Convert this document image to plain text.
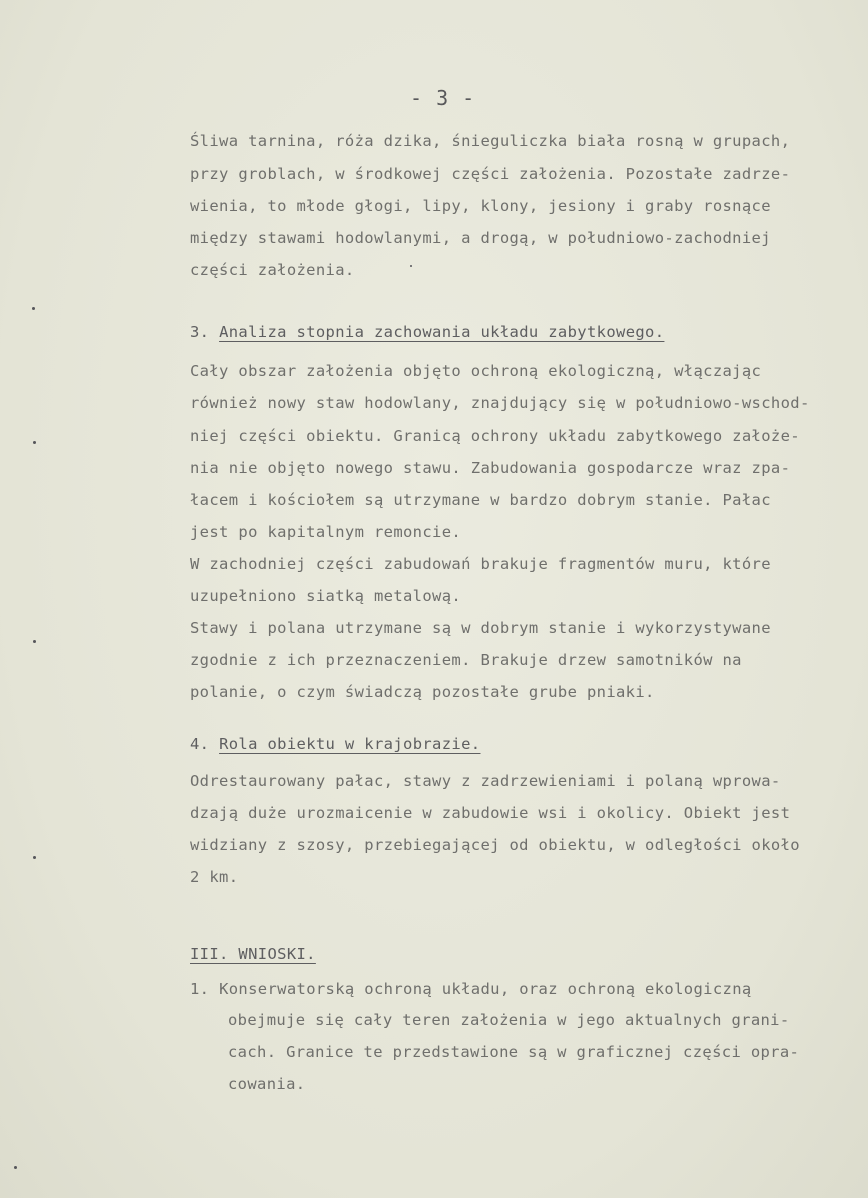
- 3 -
Śliwa tarnina, róża dzika, śnieguliczka biała rosną w grupach,
przy groblach, w środkowej części założenia. Pozostałe zadrze-
wienia, to młode głogi, lipy, klony, jesiony i graby rosnące
między stawami hodowlanymi, a drogą, w południowo-zachodniej
części założenia.
3. Analiza stopnia zachowania układu zabytkowego.
Cały obszar założenia objęto ochroną ekologiczną, włączając
również nowy staw hodowlany, znajdujący się w południowo-wschod-
niej części obiektu. Granicą ochrony układu zabytkowego założe-
nia nie objęto nowego stawu. Zabudowania gospodarcze wraz zpa-
łacem i kościołem są utrzymane w bardzo dobrym stanie. Pałac
jest po kapitalnym remoncie.
W zachodniej części zabudowań brakuje fragmentów muru, które
uzupełniono siatką metalową.
Stawy i polana utrzymane są w dobrym stanie i wykorzystywane
zgodnie z ich przeznaczeniem. Brakuje drzew samotników na
polanie, o czym świadczą pozostałe grube pniaki.
4. Rola obiektu w krajobrazie.
Odrestaurowany pałac, stawy z zadrzewieniami i polaną wprowa-
dzają duże urozmaicenie w zabudowie wsi i okolicy. Obiekt jest
widziany z szosy, przebiegającej od obiektu, w odległości około
2 km.
III. WNIOSKI.
1. Konserwatorską ochroną układu, oraz ochroną ekologiczną
obejmuje się cały teren założenia w jego aktualnych grani-
cach. Granice te przedstawione są w graficznej części opra-
cowania.
